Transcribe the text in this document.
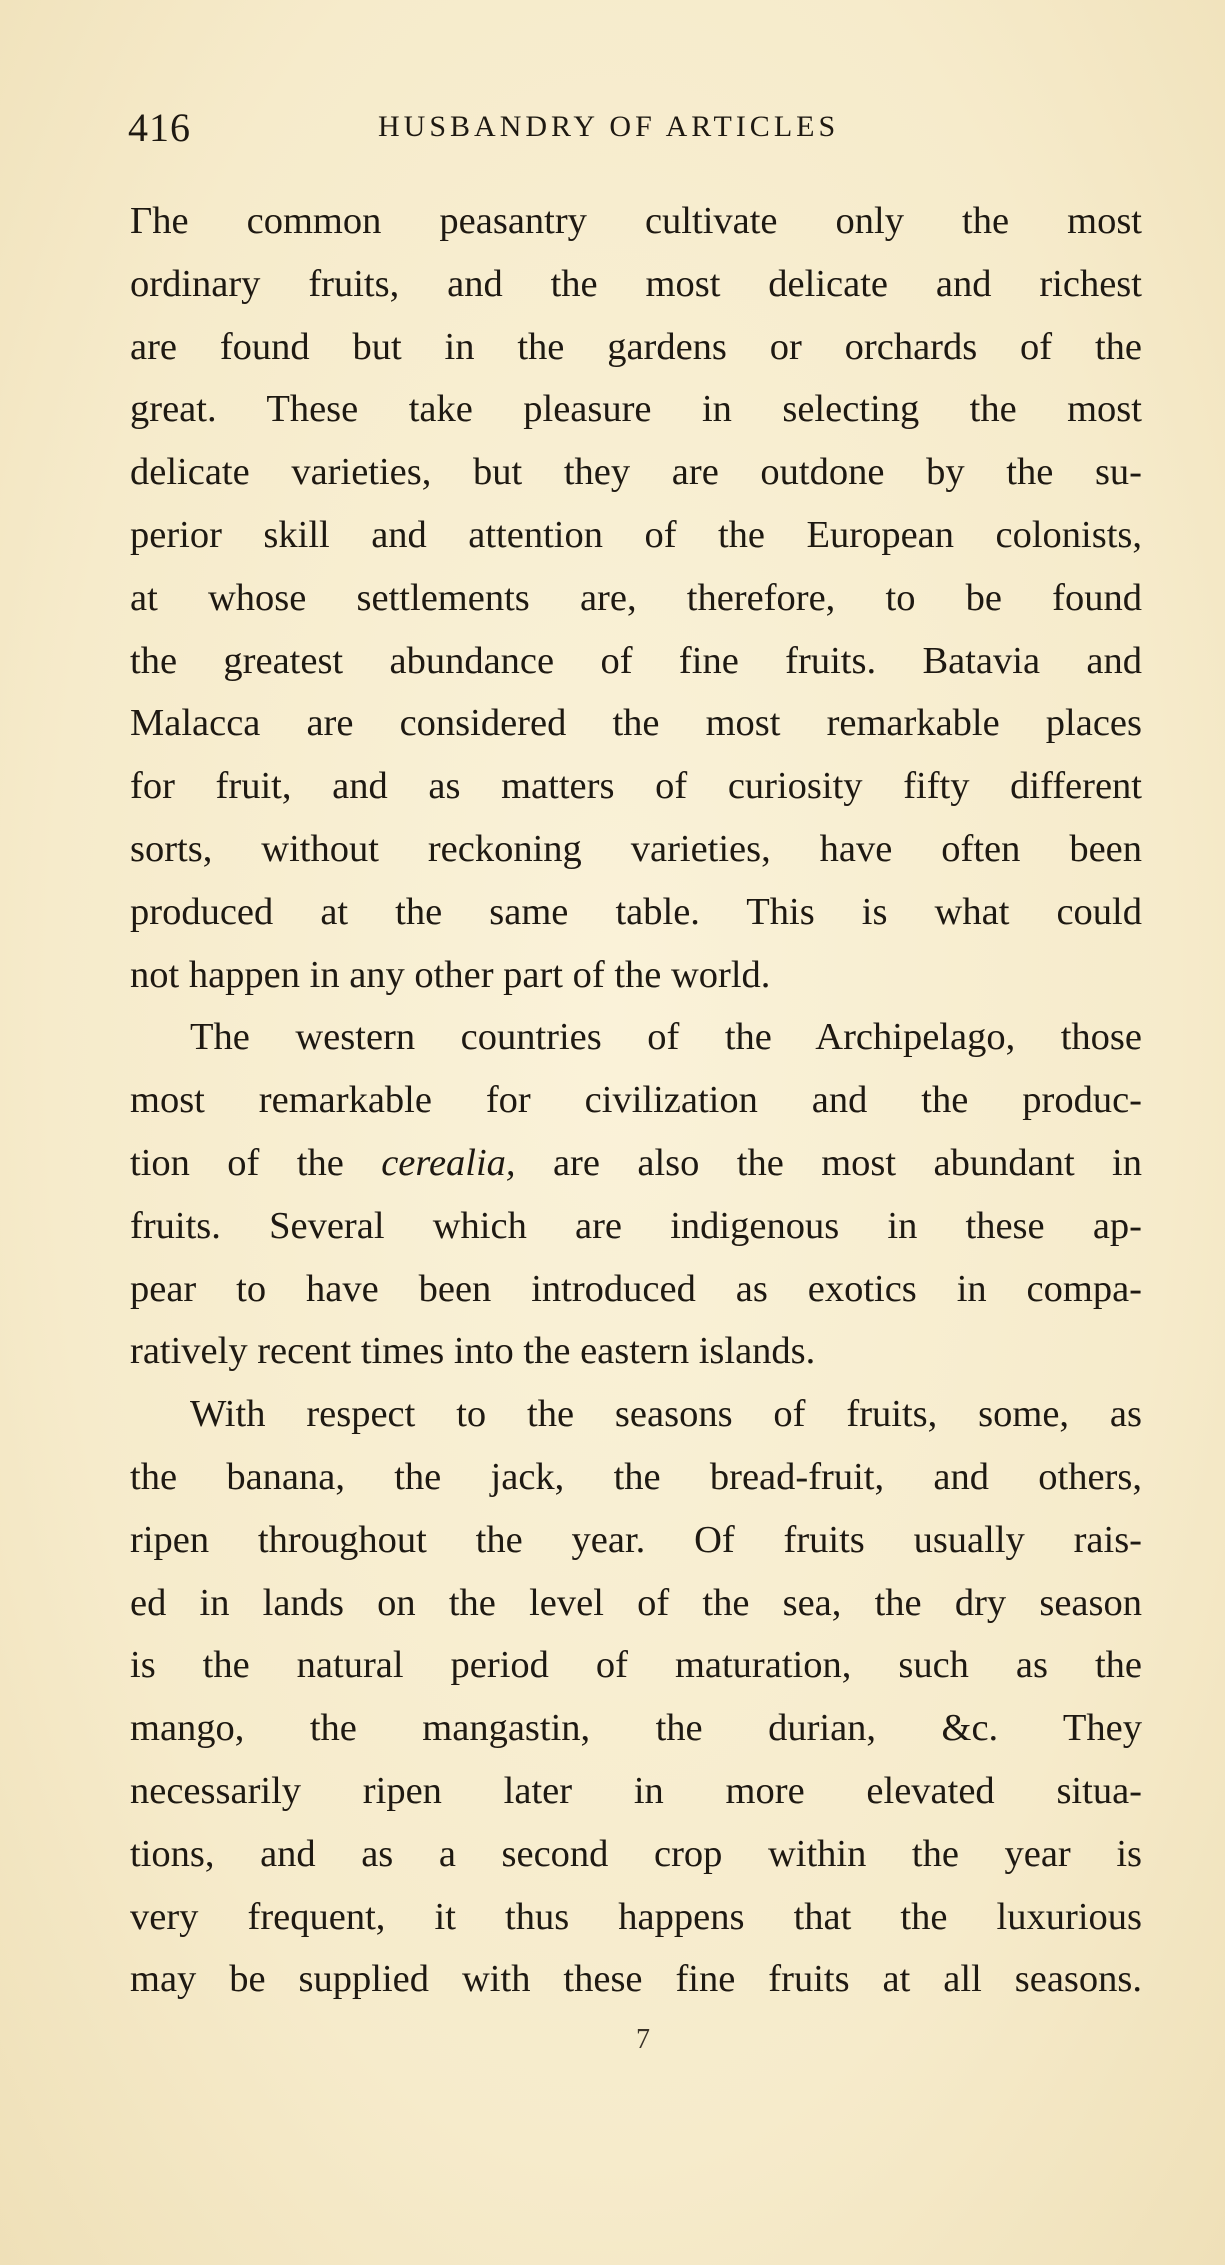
416	HUSBANDRY OF ARTICLES
Гhe common peasantry cultivate only the most
ordinary fruits, and the most delicate and richest
are found but in the gardens or orchards of the
great. These take pleasure in selecting the most
delicate varieties, but they are outdone by the su-
perior skill and attention of the European colonists,
at whose settlements are, therefore, to be found
the greatest abundance of fine fruits. Batavia and
Malacca are considered the most remarkable places
for fruit, and as matters of curiosity fifty different
sorts, without reckoning varieties, have often been
produced at the same table. This is what could
not happen in any other part of the world.
The western countries of the Archipelago, those
most remarkable for civilization and the produc-
tion of the cerealia, are also the most abundant in
fruits. Several which are indigenous in these ap-
pear to have been introduced as exotics in compa-
ratively recent times into the eastern islands.
With respect to the seasons of fruits, some, as
the banana, the jack, the bread-fruit, and others,
ripen throughout the year. Of fruits usually rais-
ed in lands on the level of the sea, the dry season
is the natural period of maturation, such as the
mango, the mangastin, the durian, &c. They
necessarily ripen later in more elevated situa-
tions, and as a second crop within the year is
very frequent, it thus happens that the luxurious
may be supplied with these fine fruits at all seasons.
7
